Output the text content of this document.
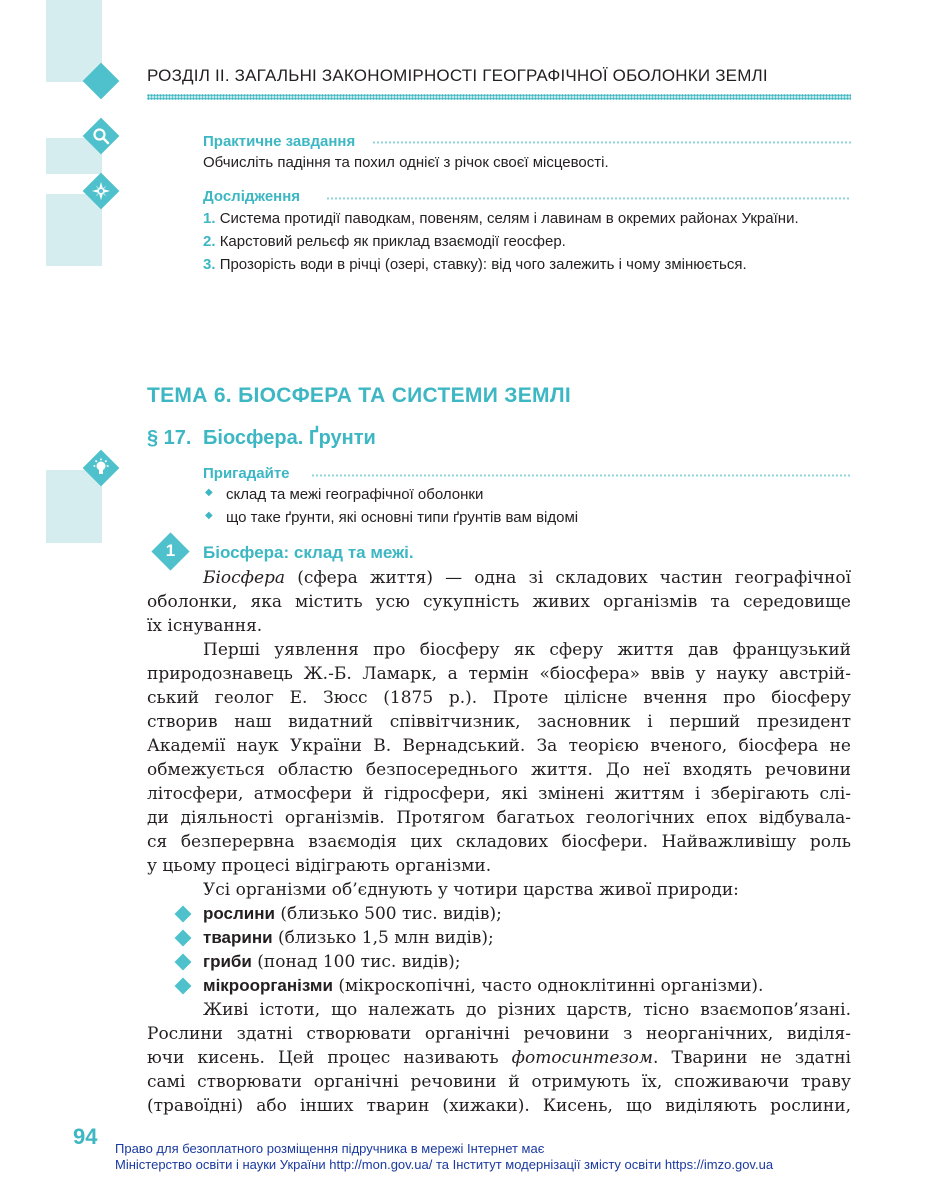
РОЗДІЛ ІІ. ЗАГАЛЬНІ ЗАКОНОМІРНОСТІ ГЕОГРАФІЧНОЇ ОБОЛОНКИ ЗЕМЛІ
Практичне завдання
Обчисліть падіння та похил однієї з річок своєї місцевості.
Дослідження
1. Система протидії паводкам, повеням, селям і лавинам в окремих районах України.
2. Карстовий рельєф як приклад взаємодії геосфер.
3. Прозорість води в річці (озері, ставку): від чого залежить і чому змінюється.
ТЕМА 6. БІОСФЕРА ТА СИСТЕМИ ЗЕМЛІ
§ 17. Біосфера. Ґрунти
Пригадайте
◆ склад та межі географічної оболонки
◆ що таке ґрунти, які основні типи ґрунтів вам відомі
1	Біосфера: склад та межі.
Біосфера (сфера життя) — одна зі складових частин географічної
оболонки, яка містить усю сукупність живих організмів та середовище
їх існування.
Перші уявлення про біосферу як сферу життя дав французький
природознавець Ж.-Б. Ламарк, а термін «біосфера» ввів у науку австрій-
ський геолог Е. Зюсс (1875 р.). Проте цілісне вчення про біосферу
створив наш видатний співвітчизник, засновник і перший президент
Академії наук України В. Вернадський. За теорією вченого, біосфера не
обмежується областю безпосереднього життя. До неї входять речовини
літосфери, атмосфери й гідросфери, які змінені життям і зберігають слі-
ди діяльності організмів. Протягом багатьох геологічних епох відбувала-
ся безперервна взаємодія цих складових біосфери. Найважливішу роль
у цьому процесі відіграють організми.
Усі організми об’єднують у чотири царства живої природи:
рослини (близько 500 тис. видів);
тварини (близько 1,5 млн видів);
гриби (понад 100 тис. видів);
мікроорганізми (мікроскопічні, часто одноклітинні організми).
Живі істоти, що належать до різних царств, тісно взаємопов’язані.
Рослини здатні створювати органічні речовини з неорганічних, виділя-
ючи кисень. Цей процес називають фотосинтезом. Тварини не здатні
самі створювати органічні речовини й отримують їх, споживаючи траву
(травоїдні) або інших тварин (хижаки). Кисень, що виділяють рослини,
94 Право для безоплатного розміщення підручника в мережі Інтернет має
Міністерство освіти і науки України http://mon.gov.ua/ та Інститут модернізації змісту освіти https://imzo.gov.ua
